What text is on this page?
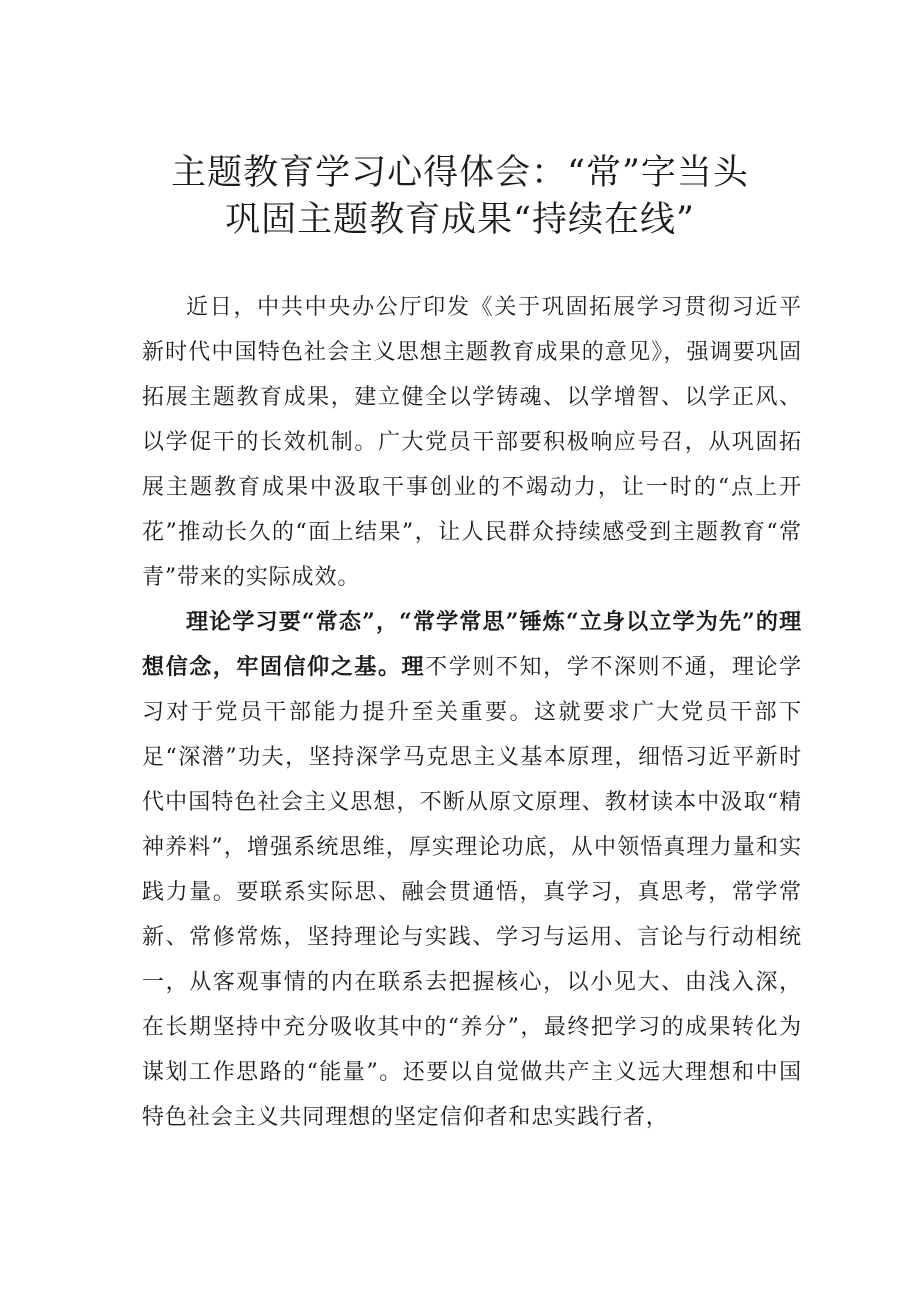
主题教育学习心得体会：“常”字当头
巩固主题教育成果“持续在线”

近日，中共中央办公厅印发《关于巩固拓展学习贯彻习近平新时代中国特色社会主义思想主题教育成果的意见》，强调要巩固拓展主题教育成果，建立健全以学铸魂、以学增智、以学正风、以学促干的长效机制。广大党员干部要积极响应号召，从巩固拓展主题教育成果中汲取干事创业的不竭动力，让一时的“点上开花”推动长久的“面上结果”，让人民群众持续感受到主题教育“常青”带来的实际成效。

理论学习要“常态”，“常学常思”锤炼“立身以立学为先”的理想信念，牢固信仰之基。理不学则不知，学不深则不通，理论学习对于党员干部能力提升至关重要。这就要求广大党员干部下足“深潜”功夫，坚持深学马克思主义基本原理，细悟习近平新时代中国特色社会主义思想，不断从原文原理、教材读本中汲取“精神养料”，增强系统思维，厚实理论功底，从中领悟真理力量和实践力量。要联系实际思、融会贯通悟，真学习，真思考，常学常新、常修常炼，坚持理论与实践、学习与运用、言论与行动相统一，从客观事情的内在联系去把握核心，以小见大、由浅入深，在长期坚持中充分吸收其中的“养分”，最终把学习的成果转化为谋划工作思路的“能量”。还要以自觉做共产主义远大理想和中国特色社会主义共同理想的坚定信仰者和忠实践行者，
